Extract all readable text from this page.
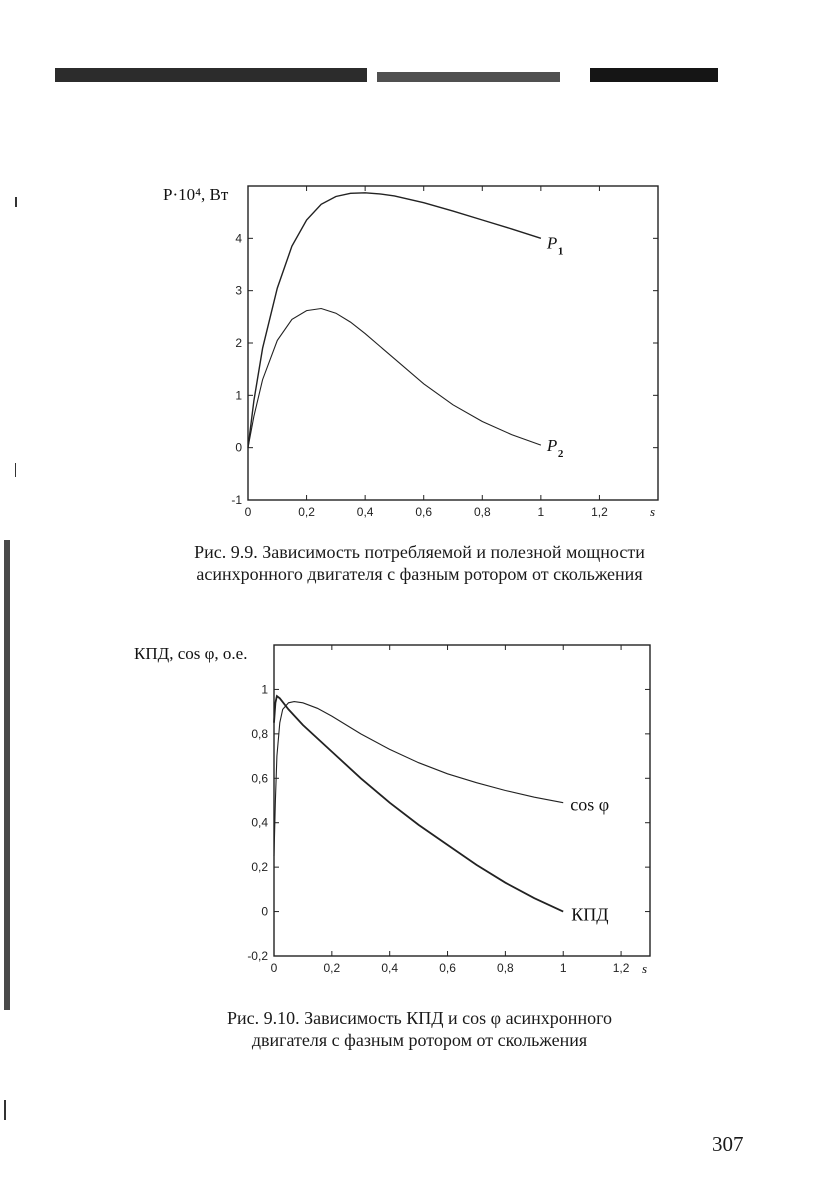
0	0,2	0,4	0,6	0,8	1	1,2
-1
0
1
2
3
4
P·10⁴, Вт
s
P 1
P 2
Рис. 9.9. Зависимость потребляемой и полезной мощности
асинхронного двигателя с фазным ротором от скольжения
0	0,2	0,4	0,6	0,8	1	1,2
-0,2
0
0,2
0,4
0,6
0,8
1
КПД, cos φ, о.е.
s
cos φ
КПД
Рис. 9.10. Зависимость КПД и cos φ асинхронного
двигателя с фазным ротором от скольжения
307
